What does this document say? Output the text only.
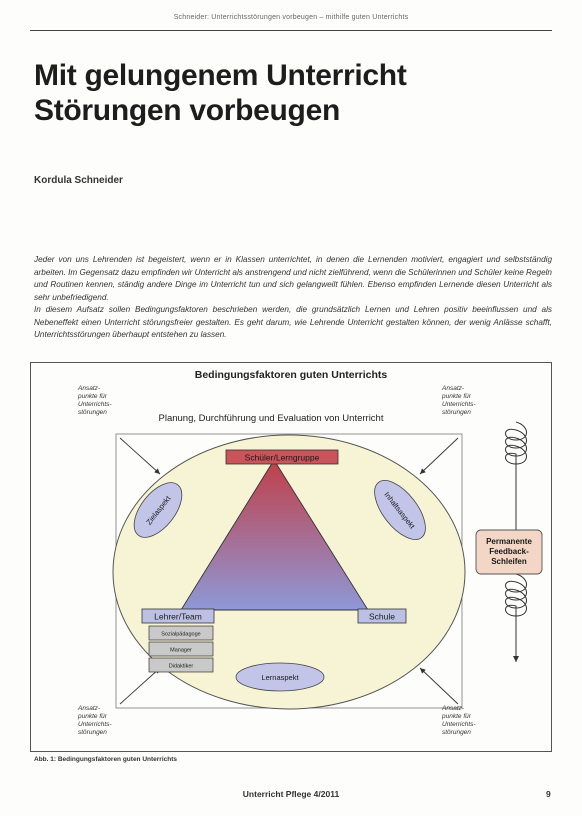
Schneider: Unterrichtsstörungen vorbeugen – mithilfe guten Unterrichts
Mit gelungenem Unterricht
Störungen vorbeugen
Kordula Schneider

Jeder von uns Lehrenden ist begeistert, wenn er in Klassen unterrichtet, in denen die Lernenden motiviert, engagiert und selbstständig arbeiten. Im Gegensatz dazu empfinden wir Unterricht als anstrengend und nicht zielführend, wenn die Schülerinnen und Schüler keine Regeln und Routinen kennen, ständig andere Dinge im Unterricht tun und sich gelangweilt fühlen. Ebenso empfinden Lernende diesen Unterricht als sehr unbefriedigend.

In diesem Aufsatz sollen Bedingungsfaktoren beschrieben werden, die grundsätzlich Lernen und Lehren positiv beeinflussen und als Nebeneffekt einen Unterricht störungsfreier gestalten. Es geht darum, wie Lehrende Unterricht gestalten können, der wenig Anlässe schafft, Unterrichtsstörungen überhaupt entstehen zu lassen.

Bedingungsfaktoren guten Unterrichts
Planung, Durchführung und Evaluation von Unterricht
Ansatz-
punkte für
Unterrichts-
störungen
Ansatz-
punkte für
Unterrichts-
störungen
Ansatz-
punkte für
Unterrichts-
störungen
Ansatz-
punkte für
Unterrichts-
störungen
Schüler/Lerngruppe
Lehrer/Team	Schule
Sozialpädagoge
Manager
Didaktiker
Zielaspekt	Inhaltsaspekt
Lernaspekt
Permanente
Feedback-
Schleifen
Abb. 1: Bedingungsfaktoren guten Unterrichts
Unterricht Pflege 4/2011	9
